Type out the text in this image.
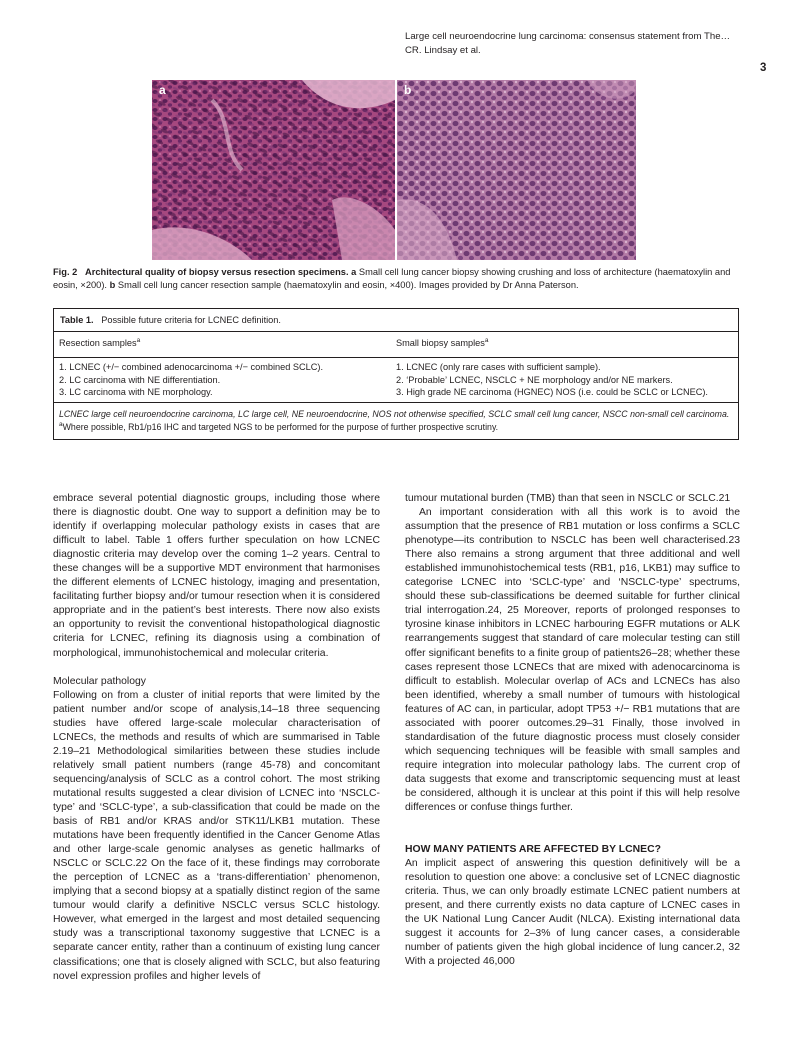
Large cell neuroendocrine lung carcinoma: consensus statement from The…
CR. Lindsay et al.
3
a	b
Fig. 2 Architectural quality of biopsy versus resection specimens. a Small cell lung cancer biopsy showing crushing and loss of architecture (haematoxylin and eosin, ×200). b Small cell lung cancer resection sample (haematoxylin and eosin, ×400). Images provided by Dr Anna Paterson.
Table 1. Possible future criteria for LCNEC definition.
Resection samples$^a$	Small biopsy samples$^a$
1. LCNEC (+/− combined adenocarcinoma +/− combined SCLC).
2. LC carcinoma with NE differentiation.
3. LC carcinoma with NE morphology.
1. LCNEC (only rare cases with sufficient sample).
2. ‘Probable’ LCNEC, NSCLC + NE morphology and/or NE markers.
3. High grade NE carcinoma (HGNEC) NOS (i.e. could be SCLC or LCNEC).
LCNEC large cell neuroendocrine carcinoma, LC large cell, NE neuroendocrine, NOS not otherwise specified, SCLC small cell lung cancer, NSCC non-small cell carcinoma.
$^a$Where possible, Rb1/p16 IHC and targeted NGS to be performed for the purpose of further prospective scrutiny.

embrace several potential diagnostic groups, including those where there is diagnostic doubt. One way to support a definition may be to identify if overlapping molecular pathology exists in cases that are difficult to label. Table 1 offers further speculation on how LCNEC diagnostic criteria may develop over the coming 1–2 years. Central to these changes will be a supportive MDT environment that harmonises the different elements of LCNEC histology, imaging and presentation, facilitating further biopsy and/or tumour resection when it is considered appropriate and in the patient’s best interests. There now also exists an opportunity to revisit the conventional histopathological diagnostic criteria for LCNEC, refining its diagnosis using a combination of morphological, immunohistochemical and molecular criteria.

Molecular pathology

Following on from a cluster of initial reports that were limited by the patient number and/or scope of analysis,14–18 three sequencing studies have offered large-scale molecular characterisation of LCNECs, the methods and results of which are summarised in Table 2.19–21 Methodological similarities between these studies include relatively small patient numbers (range 45-78) and concomitant sequencing/analysis of SCLC as a control cohort. The most striking mutational results suggested a clear division of LCNEC into ‘NSCLC-type’ and ‘SCLC-type’, a sub-classification that could be made on the basis of RB1 and/or KRAS and/or STK11/LKB1 mutation. These mutations have been frequently identified in the Cancer Genome Atlas and other large-scale genomic analyses as genetic hallmarks of NSCLC or SCLC.22 On the face of it, these findings may corroborate the perception of LCNEC as a ‘trans-differentiation’ phenomenon, implying that a second biopsy at a spatially distinct region of the same tumour would clarify a definitive NSCLC versus SCLC histology. However, what emerged in the largest and most detailed sequencing study was a transcriptional taxonomy suggestive that LCNEC is a separate cancer entity, rather than a continuum of existing lung cancer classifications; one that is closely aligned with SCLC, but also featuring novel expression profiles and higher levels of

tumour mutational burden (TMB) than that seen in NSCLC or SCLC.21

An important consideration with all this work is to avoid the assumption that the presence of RB1 mutation or loss confirms a SCLC phenotype—its contribution to NSCLC has been well characterised.23 There also remains a strong argument that three additional and well established immunohistochemical tests (RB1, p16, LKB1) may suffice to categorise LCNEC into ‘SCLC-type’ and ‘NSCLC-type’ spectrums, should these sub-classifications be deemed suitable for further clinical trial interrogation.24, 25 Moreover, reports of prolonged responses to tyrosine kinase inhibitors in LCNEC harbouring EGFR mutations or ALK rearrangements suggest that standard of care molecular testing can still offer significant benefits to a finite group of patients26–28; whether these cases represent those LCNECs that are mixed with adenocarcinoma is difficult to establish. Molecular overlap of ACs and LCNECs has also been identified, whereby a small number of tumours with histological features of AC can, in particular, adopt TP53 +/− RB1 mutations that are associated with poorer outcomes.29–31 Finally, those involved in standardisation of the future diagnostic process must closely consider which sequencing techniques will be feasible with small samples and require integration into molecular pathology labs. The current crop of data suggests that exome and transcriptomic sequencing must at least be considered, although it is unclear at this point if this will help resolve differences or confuse things further.

HOW MANY PATIENTS ARE AFFECTED BY LCNEC?

An implicit aspect of answering this question definitively will be a resolution to question one above: a conclusive set of LCNEC diagnostic criteria. Thus, we can only broadly estimate LCNEC patient numbers at present, and there currently exists no data capture of LCNEC cases in the UK National Lung Cancer Audit (NLCA). Existing international data suggest it accounts for 2–3% of lung cancer cases, a considerable number of patients given the high global incidence of lung cancer.2, 32 With a projected 46,000
